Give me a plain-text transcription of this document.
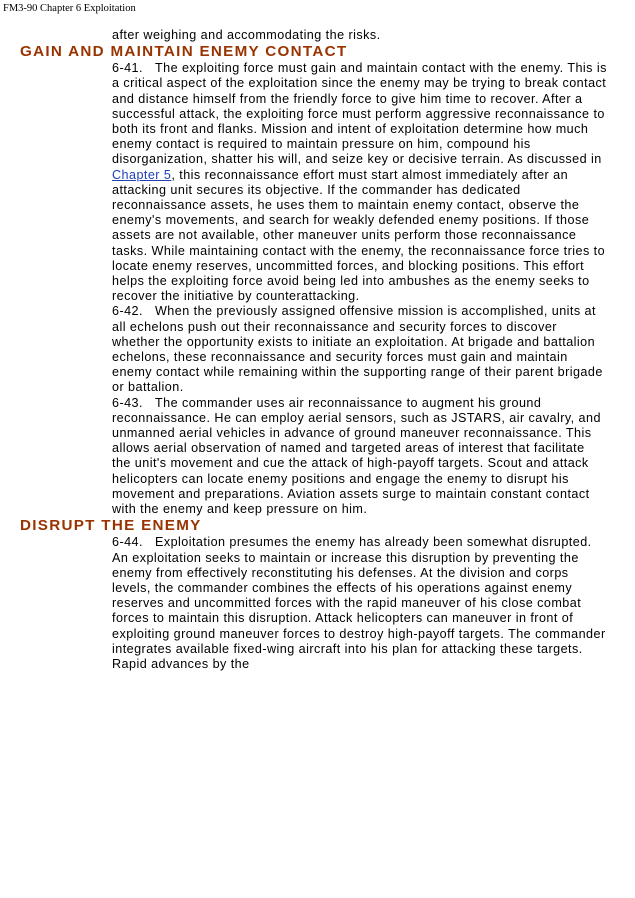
FM3-90 Chapter 6 Exploitation

after weighing and accommodating the risks.

GAIN AND MAINTAIN ENEMY CONTACT

6-41. The exploiting force must gain and maintain contact with the enemy. This is a critical aspect of the exploitation since the enemy may be trying to break contact and distance himself from the friendly force to give him time to recover. After a successful attack, the exploiting force must perform aggressive reconnaissance to both its front and flanks. Mission and intent of exploitation determine how much enemy contact is required to maintain pressure on him, compound his disorganization, shatter his will, and seize key or decisive terrain. As discussed in Chapter 5, this reconnaissance effort must start almost immediately after an attacking unit secures its objective. If the commander has dedicated reconnaissance assets, he uses them to maintain enemy contact, observe the enemy's movements, and search for weakly defended enemy positions. If those assets are not available, other maneuver units perform those reconnaissance tasks. While maintaining contact with the enemy, the reconnaissance force tries to locate enemy reserves, uncommitted forces, and blocking positions. This effort helps the exploiting force avoid being led into ambushes as the enemy seeks to recover the initiative by counterattacking.

6-42. When the previously assigned offensive mission is accomplished, units at all echelons push out their reconnaissance and security forces to discover whether the opportunity exists to initiate an exploitation. At brigade and battalion echelons, these reconnaissance and security forces must gain and maintain enemy contact while remaining within the supporting range of their parent brigade or battalion.

6-43. The commander uses air reconnaissance to augment his ground reconnaissance. He can employ aerial sensors, such as JSTARS, air cavalry, and unmanned aerial vehicles in advance of ground maneuver reconnaissance. This allows aerial observation of named and targeted areas of interest that facilitate the unit's movement and cue the attack of high-payoff targets. Scout and attack helicopters can locate enemy positions and engage the enemy to disrupt his movement and preparations. Aviation assets surge to maintain constant contact with the enemy and keep pressure on him.

DISRUPT THE ENEMY

6-44. Exploitation presumes the enemy has already been somewhat disrupted. An exploitation seeks to maintain or increase this disruption by preventing the enemy from effectively reconstituting his defenses. At the division and corps levels, the commander combines the effects of his operations against enemy reserves and uncommitted forces with the rapid maneuver of his close combat forces to maintain this disruption. Attack helicopters can maneuver in front of exploiting ground maneuver forces to destroy high-payoff targets. The commander integrates available fixed-wing aircraft into his plan for attacking these targets. Rapid advances by the
